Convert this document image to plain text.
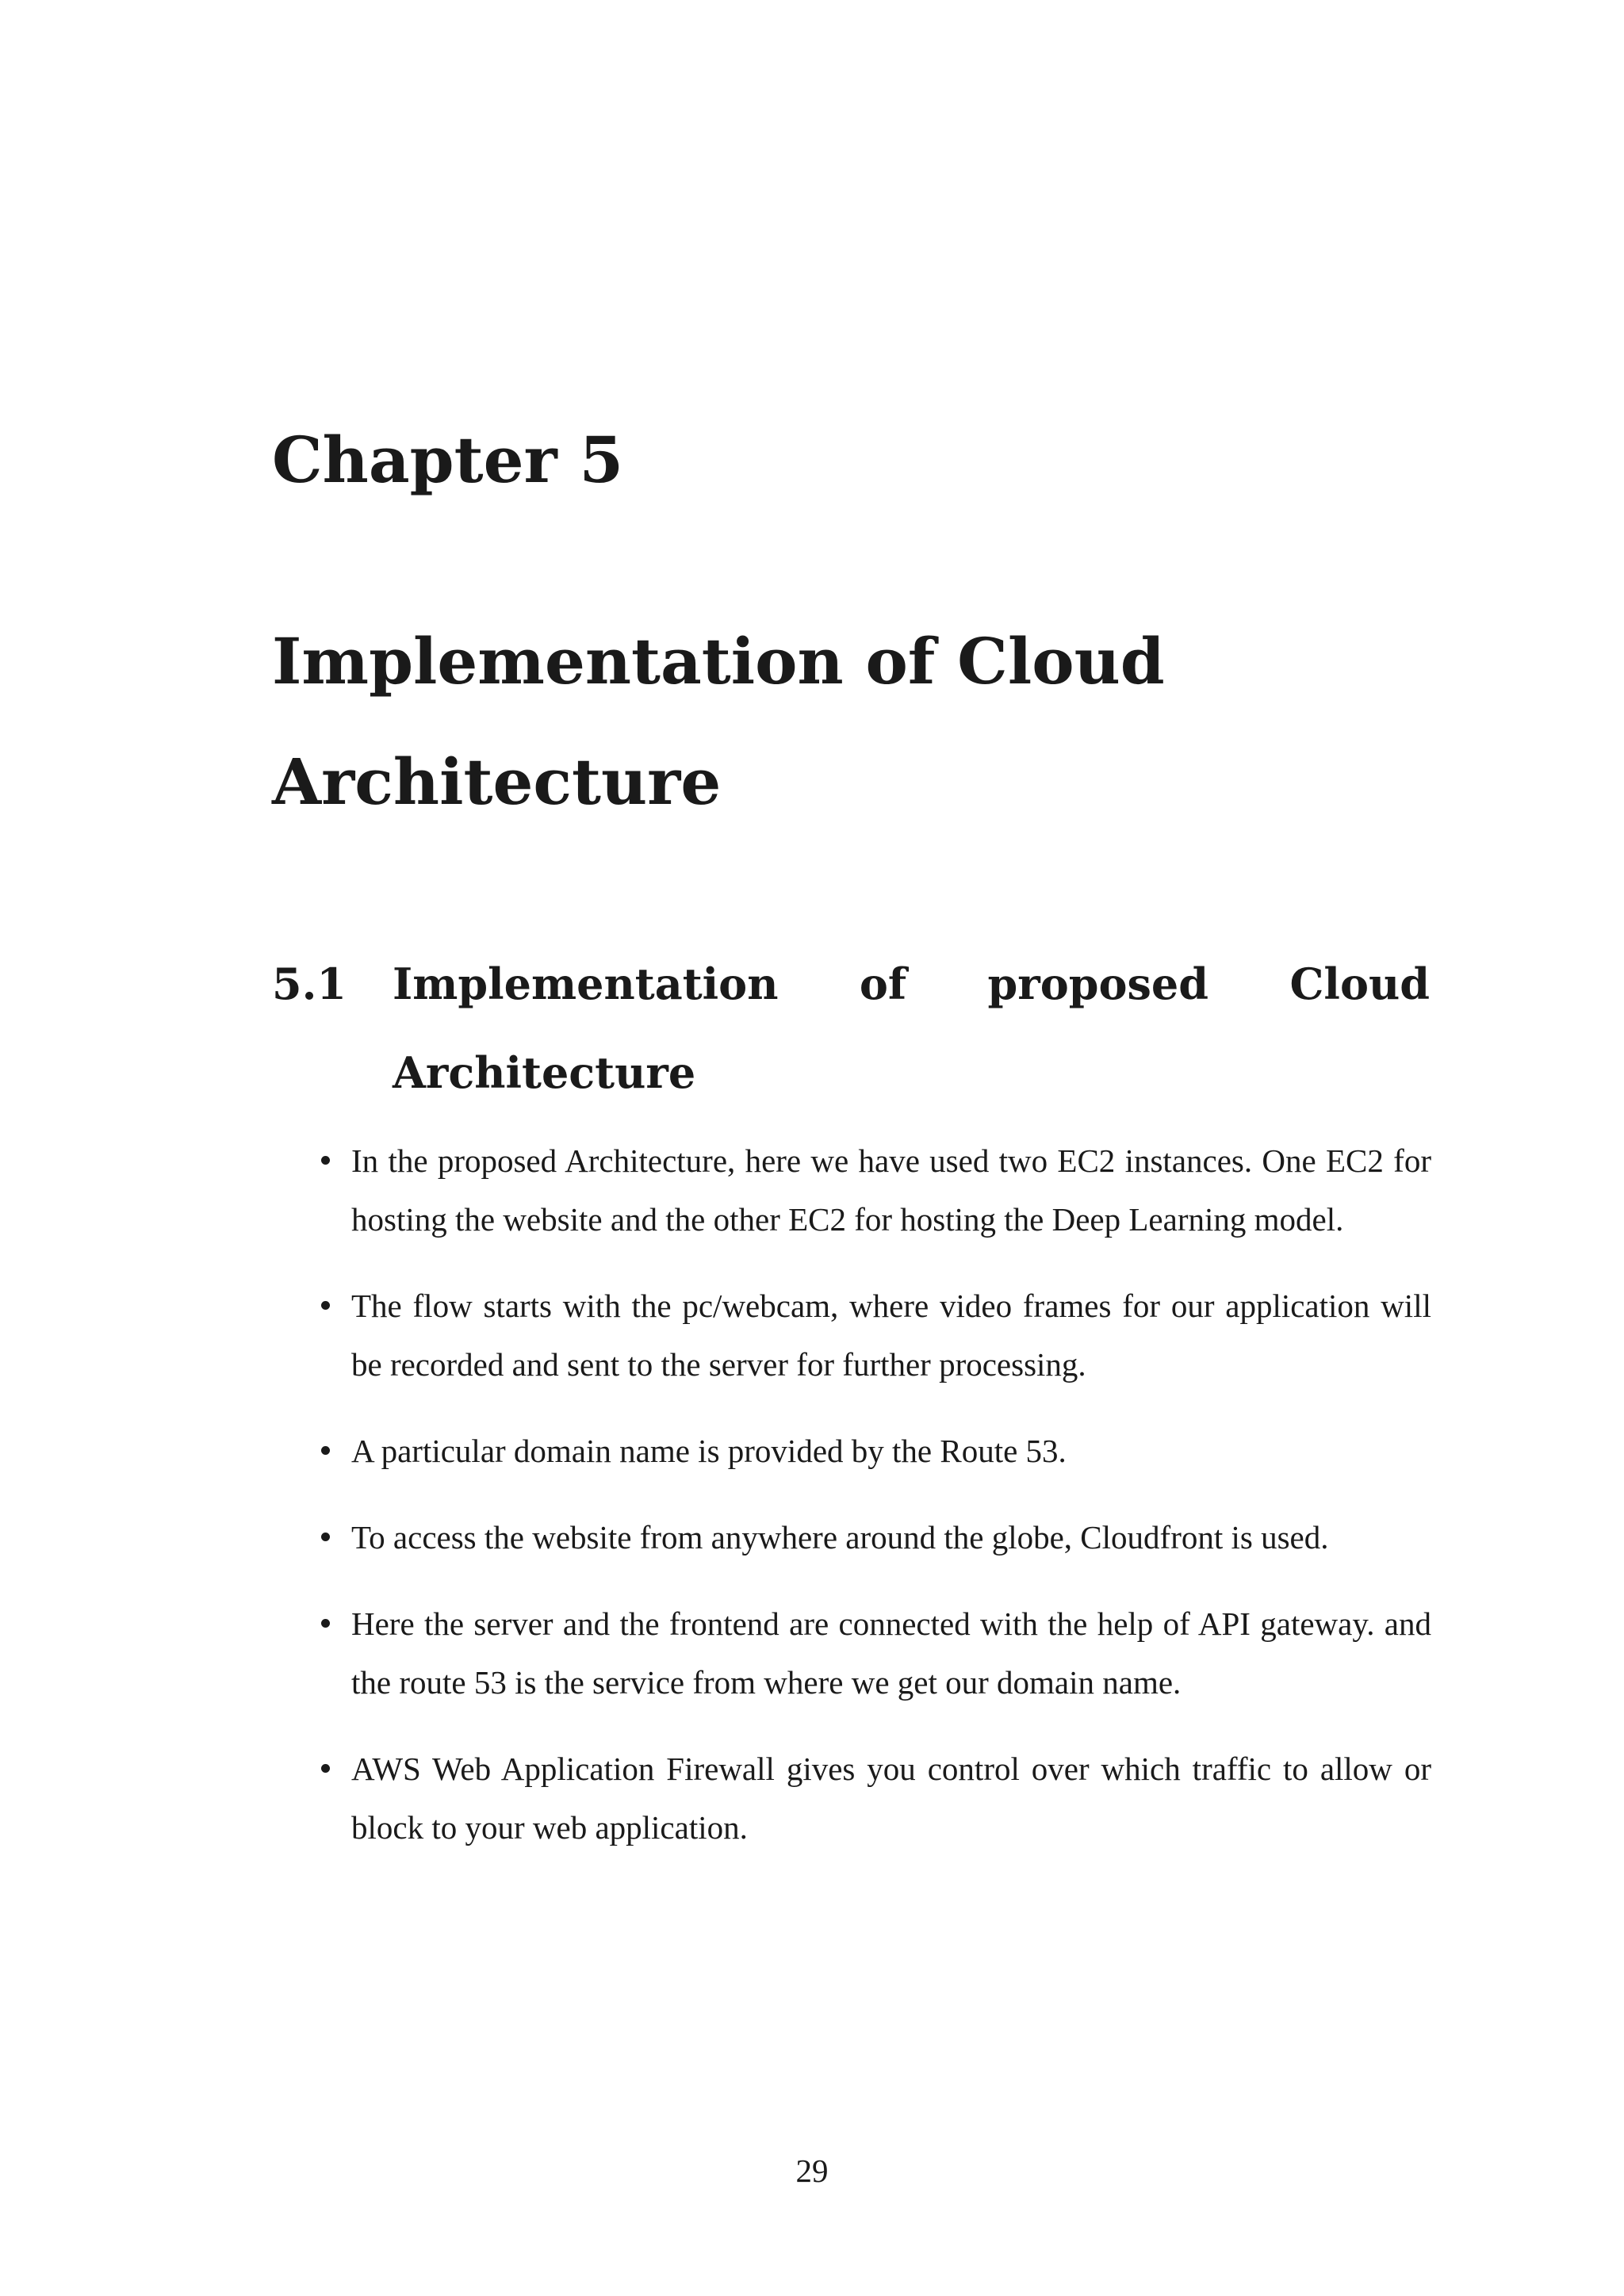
Chapter 5
Implementation of Cloud Architecture
5.1 Implementation of proposed Cloud
Architecture
In the proposed Architecture, here we have used two EC2 instances. One EC2 for hosting the website and the other EC2 for hosting the Deep Learning model.
The flow starts with the pc/webcam, where video frames for our application will be recorded and sent to the server for further processing.
A particular domain name is provided by the Route 53.
To access the website from anywhere around the globe, Cloudfront is used.
Here the server and the frontend are connected with the help of API gateway. and the route 53 is the service from where we get our domain name.
AWS Web Application Firewall gives you control over which traffic to allow or block to your web application.
29
